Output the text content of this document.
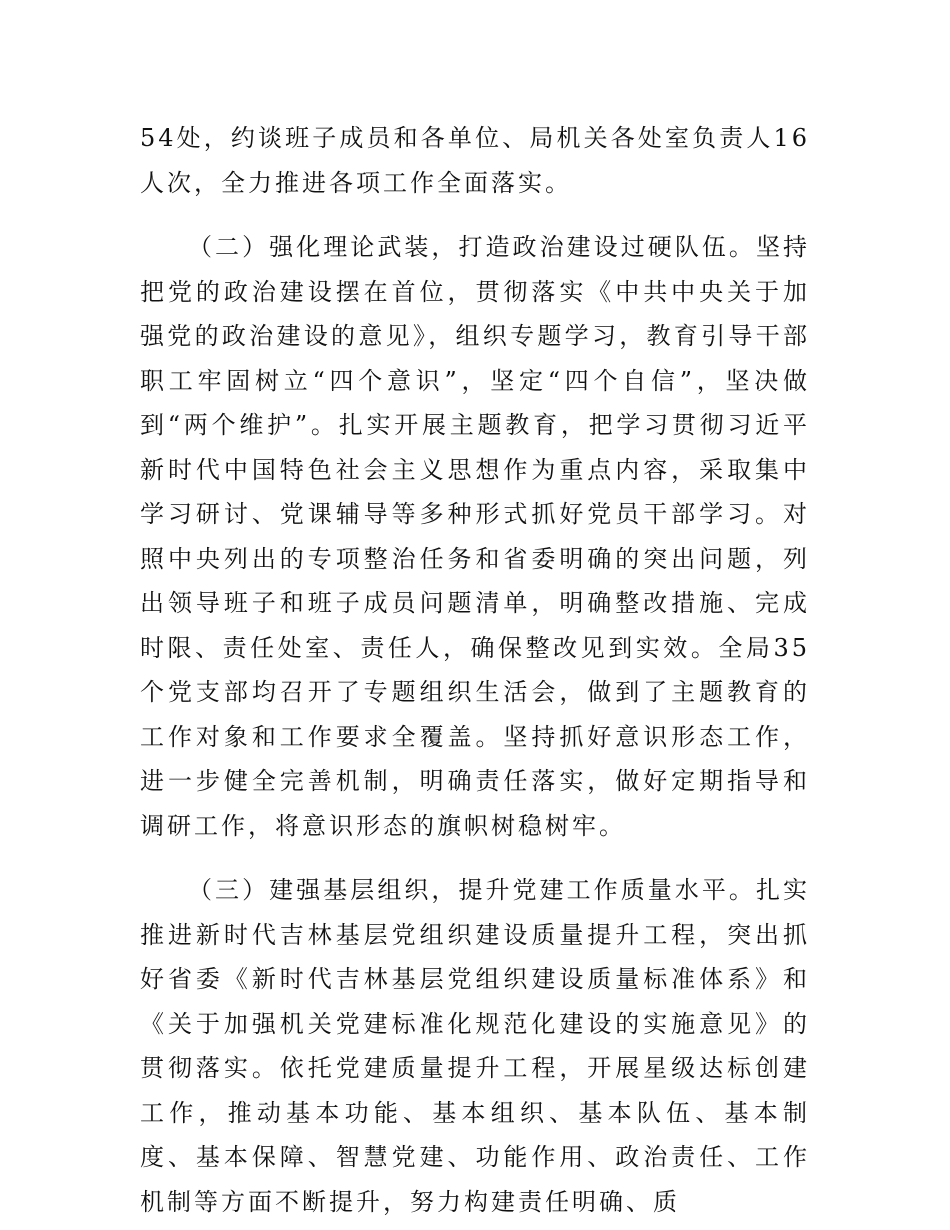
54处，约谈班子成员和各单位、局机关各处室负责人16人次，全力推进各项工作全面落实。

（二）强化理论武装，打造政治建设过硬队伍。坚持把党的政治建设摆在首位，贯彻落实《中共中央关于加强党的政治建设的意见》，组织专题学习，教育引导干部职工牢固树立“四个意识”，坚定“四个自信”，坚决做到“两个维护”。扎实开展主题教育，把学习贯彻习近平新时代中国特色社会主义思想作为重点内容，采取集中学习研讨、党课辅导等多种形式抓好党员干部学习。对照中央列出的专项整治任务和省委明确的突出问题，列出领导班子和班子成员问题清单，明确整改措施、完成时限、责任处室、责任人，确保整改见到实效。全局35个党支部均召开了专题组织生活会，做到了主题教育的工作对象和工作要求全覆盖。坚持抓好意识形态工作，进一步健全完善机制，明确责任落实，做好定期指导和调研工作，将意识形态的旗帜树稳树牢。

（三）建强基层组织，提升党建工作质量水平。扎实推进新时代吉林基层党组织建设质量提升工程，突出抓好省委《新时代吉林基层党组织建设质量标准体系》和《关于加强机关党建标准化规范化建设的实施意见》的贯彻落实。依托党建质量提升工程，开展星级达标创建工作，推动基本功能、基本组织、基本队伍、基本制度、基本保障、智慧党建、功能作用、政治责任、工作机制等方面不断提升，努力构建责任明确、质
